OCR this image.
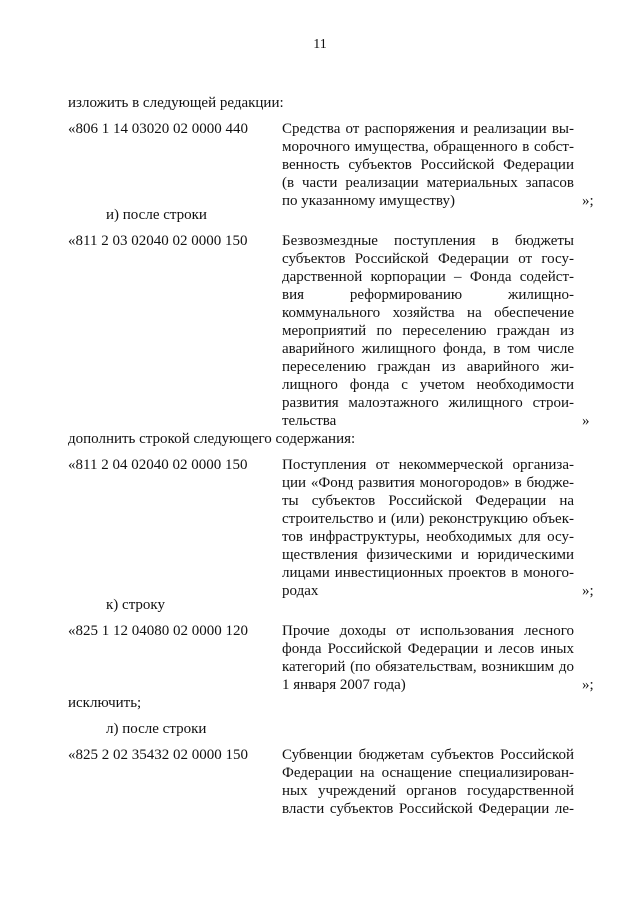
11
изложить в следующей редакции:
«806 1 14 03020 02 0000 440 Средства от распоряжения и реализации вы-
морочного имущества, обращенного в собст-
венность субъектов Российской Федерации
(в части реализации материальных запасов
по указанному имуществу)	»;
и) после строки
«811 2 03 02040 02 0000 150 Безвозмездные поступления в бюджеты
субъектов Российской Федерации от госу-
дарственной корпорации – Фонда содейст-
вия реформированию жилищно-
коммунального хозяйства на обеспечение
мероприятий по переселению граждан из
аварийного жилищного фонда, в том числе
переселению граждан из аварийного жи-
лищного фонда с учетом необходимости
развития малоэтажного жилищного строи-
тельства	»
дополнить строкой следующего содержания:
«811 2 04 02040 02 0000 150 Поступления от некоммерческой организа-
ции «Фонд развития моногородов» в бюдже-
ты субъектов Российской Федерации на
строительство и (или) реконструкцию объек-
тов инфраструктуры, необходимых для осу-
ществления физическими и юридическими
лицами инвестиционных проектов в моного-
родах	»;
к) строку
«825 1 12 04080 02 0000 120 Прочие доходы от использования лесного
фонда Российской Федерации и лесов иных
категорий (по обязательствам, возникшим до
1 января 2007 года)	»;
исключить;
л) после строки
«825 2 02 35432 02 0000 150 Субвенции бюджетам субъектов Российской
Федерации на оснащение специализирован-
ных учреждений органов государственной
власти субъектов Российской Федерации ле-
